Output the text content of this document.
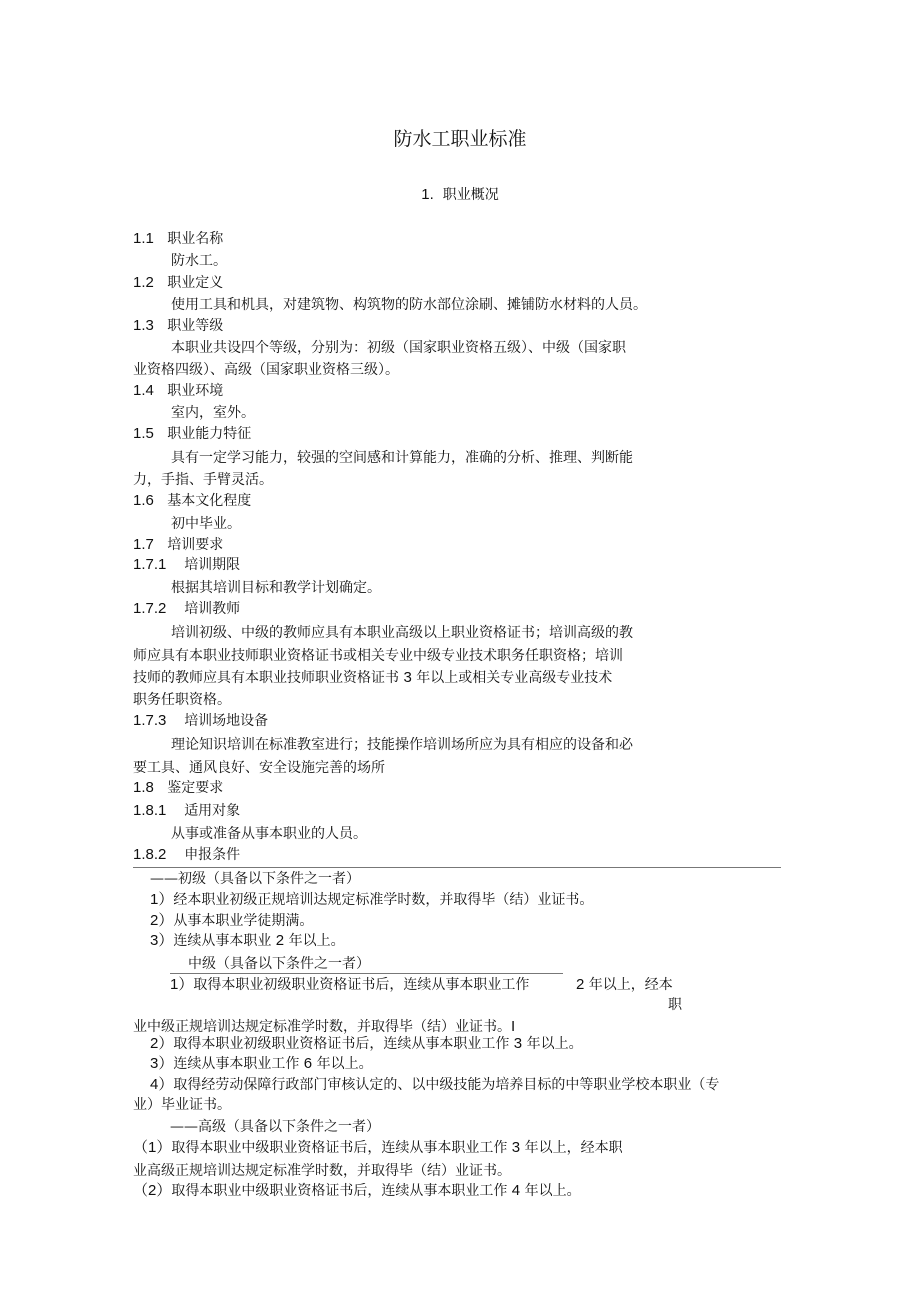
防水工职业标准
1. 职业概况
1.1 职业名称
防水工。
1.2 职业定义
使用工具和机具，对建筑物、构筑物的防水部位涂刷、摊铺防水材料的人员。
1.3 职业等级
本职业共设四个等级，分别为：初级（国家职业资格五级）、中级（国家职
业资格四级）、高级（国家职业资格三级）。
1.4 职业环境
室内，室外。
1.5 职业能力特征
具有一定学习能力，较强的空间感和计算能力，准确的分析、推理、判断能
力，手指、手臂灵活。
1.6 基本文化程度
初中毕业。
1.7 培训要求
1.7.1 培训期限
根据其培训目标和教学计划确定。
1.7.2 培训教师
培训初级、中级的教师应具有本职业高级以上职业资格证书；培训高级的教
师应具有本职业技师职业资格证书或相关专业中级专业技术职务任职资格；培训
技师的教师应具有本职业技师职业资格证书 3 年以上或相关专业高级专业技术
职务任职资格。
1.7.3 培训场地设备
理论知识培训在标准教室进行；技能操作培训场所应为具有相应的设备和必
要工具、通风良好、安全设施完善的场所
1.8 鉴定要求
1.8.1 适用对象
从事或准备从事本职业的人员。
1.8.2 申报条件
——初级（具备以下条件之一者）
1）经本职业初级正规培训达规定标准学时数，并取得毕（结）业证书。
2）从事本职业学徒期满。
3）连续从事本职业 2 年以上。
中级（具备以下条件之一者）
1）取得本职业初级职业资格证书后，连续从事本职业工作	2 年以上，经本
职
业中级正规培训达规定标准学时数，并取得毕（结）业证书。I
2）取得本职业初级职业资格证书后，连续从事本职业工作 3 年以上。
3）连续从事本职业工作 6 年以上。
4）取得经劳动保障行政部门审核认定的、以中级技能为培养目标的中等职业学校本职业（专
业）毕业证书。
——高级（具备以下条件之一者）
（1）取得本职业中级职业资格证书后，连续从事本职业工作 3 年以上，经本职
业高级正规培训达规定标准学时数，并取得毕（结）业证书。
（2）取得本职业中级职业资格证书后，连续从事本职业工作 4 年以上。
